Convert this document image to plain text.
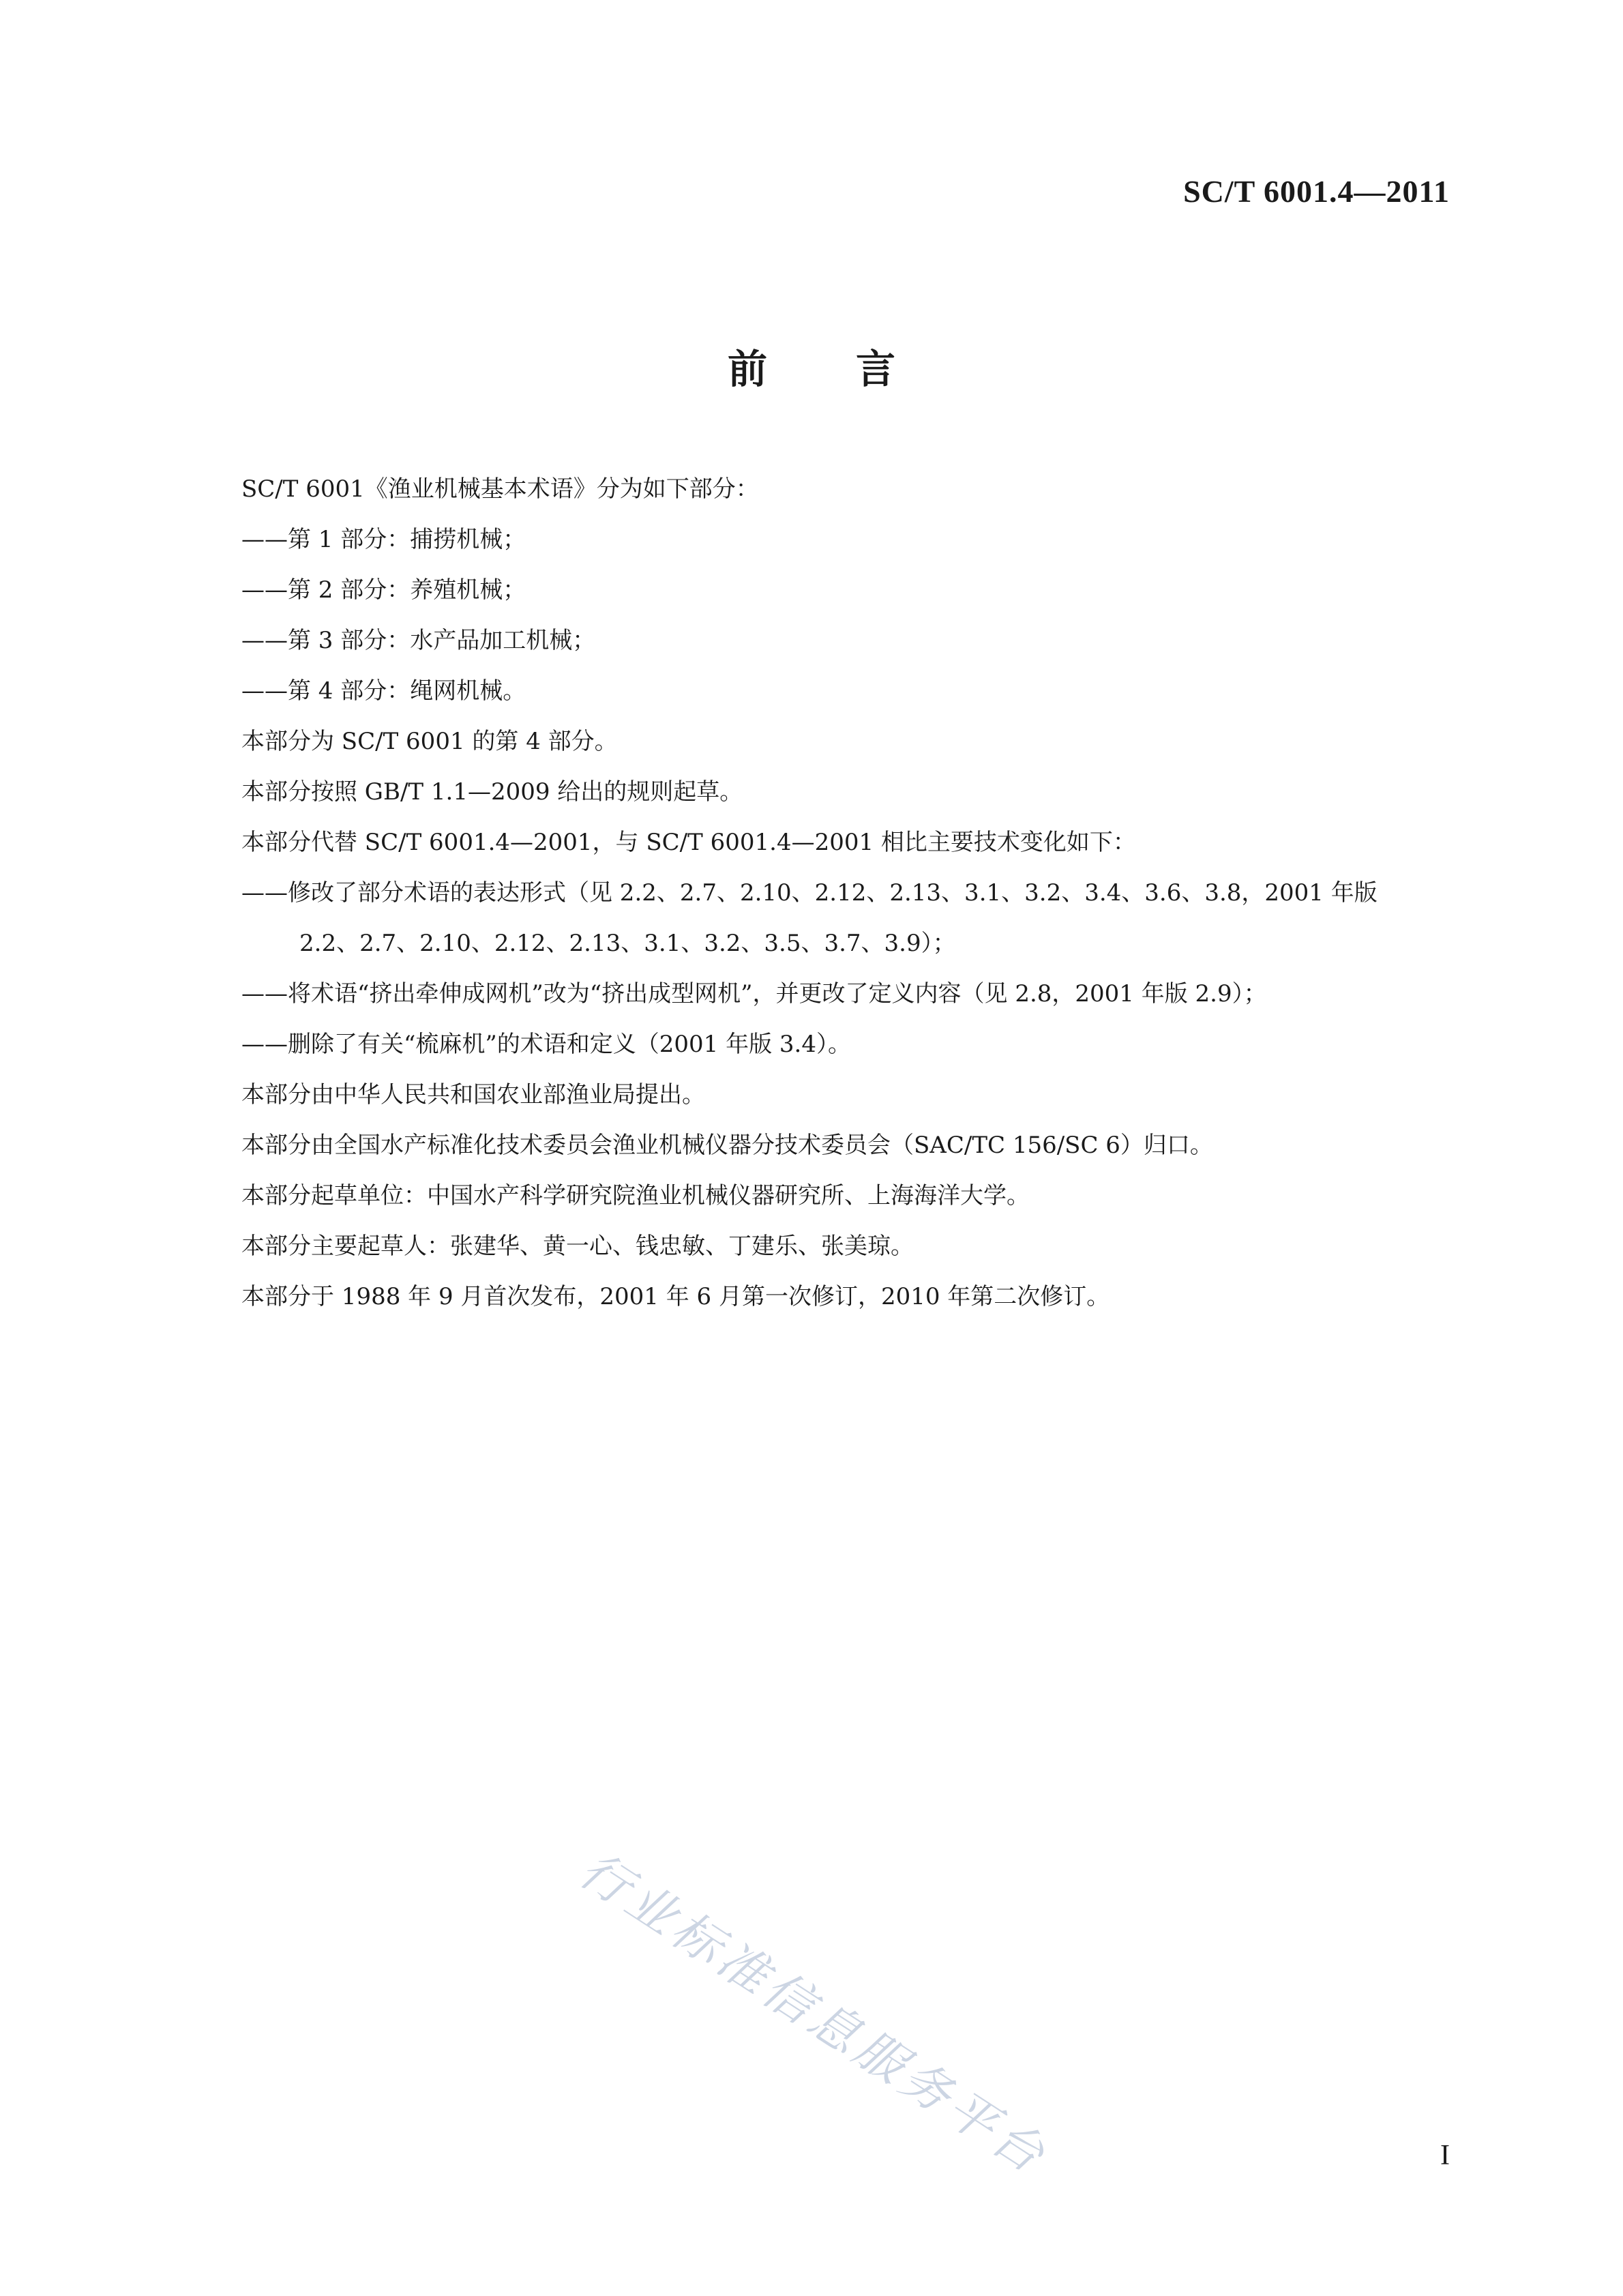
SC/T 6001.4—2011
前言
SC/T 6001《渔业机械基本术语》分为如下部分：
——第 1 部分：捕捞机械；
——第 2 部分：养殖机械；
——第 3 部分：水产品加工机械；
——第 4 部分：绳网机械。
本部分为 SC/T 6001 的第 4 部分。
本部分按照 GB/T 1.1—2009 给出的规则起草。
本部分代替 SC/T 6001.4—2001，与 SC/T 6001.4—2001 相比主要技术变化如下：
——修改了部分术语的表达形式（见 2.2、2.7、2.10、2.12、2.13、3.1、3.2、3.4、3.6、3.8，2001 年版
2.2、2.7、2.10、2.12、2.13、3.1、3.2、3.5、3.7、3.9）；
——将术语“挤出牵伸成网机”改为“挤出成型网机”，并更改了定义内容（见 2.8，2001 年版 2.9）；
——删除了有关“梳麻机”的术语和定义（2001 年版 3.4）。
本部分由中华人民共和国农业部渔业局提出。
本部分由全国水产标准化技术委员会渔业机械仪器分技术委员会（SAC/TC 156/SC 6）归口。
本部分起草单位：中国水产科学研究院渔业机械仪器研究所、上海海洋大学。
本部分主要起草人：张建华、黄一心、钱忠敏、丁建乐、张美琼。
本部分于 1988 年 9 月首次发布，2001 年 6 月第一次修订，2010 年第二次修订。
行业标准信息服务平台	I
